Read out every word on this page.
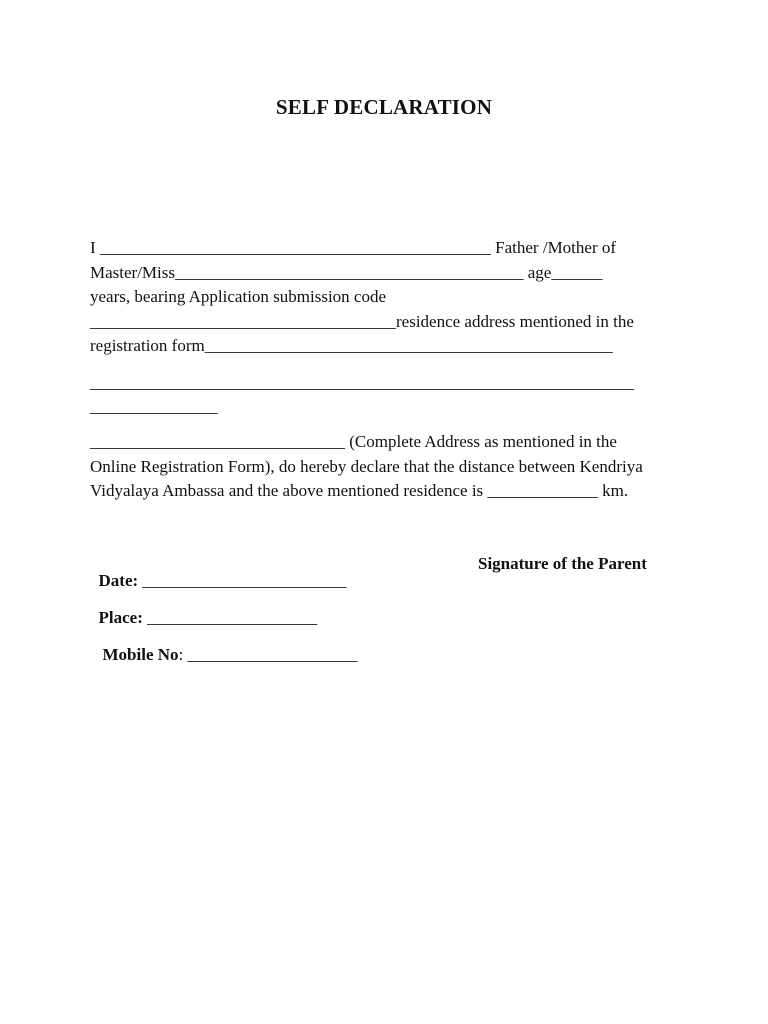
SELF DECLARATION
I ______________________________________________ Father /Mother of
Master/Miss_________________________________________ age______
years, bearing Application submission code
____________________________________residence address mentioned in the
registration form________________________________________________
________________________________________________________________
_______________
______________________________ (Complete Address as mentioned in the
Online Registration Form), do hereby declare that the distance between Kendriya
Vidyalaya Ambassa and the above mentioned residence is _____________ km.

Date: ________________________

Signature of the Parent

Place: ____________________

Mobile No: ____________________
